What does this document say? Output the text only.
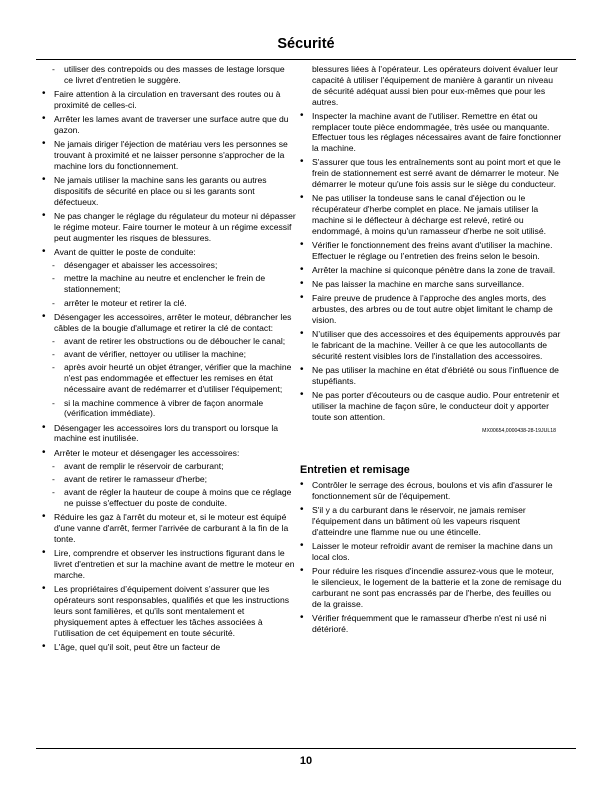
Sécurité
- utiliser des contrepoids ou des masses de lestage lorsque ce livret d'entretien le suggère.
• Faire attention à la circulation en traversant des routes ou à proximité de celles-ci.
• Arrêter les lames avant de traverser une surface autre que du gazon.
• Ne jamais diriger l'éjection de matériau vers les personnes se trouvant à proximité et ne laisser personne s'approcher de la machine lors du fonctionnement.
• Ne jamais utiliser la machine sans les garants ou autres dispositifs de sécurité en place ou si les garants sont défectueux.
• Ne pas changer le réglage du régulateur du moteur ni dépasser le régime moteur. Faire tourner le moteur à un régime excessif peut augmenter les risques de blessures.
• Avant de quitter le poste de conduite:
- désengager et abaisser les accessoires;
- mettre la machine au neutre et enclencher le frein de stationnement;
- arrêter le moteur et retirer la clé.
• Désengager les accessoires, arrêter le moteur, débrancher les câbles de la bougie d'allumage et retirer la clé de contact:
- avant de retirer les obstructions ou de déboucher le canal;
- avant de vérifier, nettoyer ou utiliser la machine;
- après avoir heurté un objet étranger, vérifier que la machine n'est pas endommagée et effectuer les remises en état nécessaire avant de redémarrer et d'utiliser l'équipement;
- si la machine commence à vibrer de façon anormale (vérification immédiate).
• Désengager les accessoires lors du transport ou lorsque la machine est inutilisée.
• Arrêter le moteur et désengager les accessoires:
- avant de remplir le réservoir de carburant;
- avant de retirer le ramasseur d'herbe;
- avant de régler la hauteur de coupe à moins que ce réglage ne puisse s'effectuer du poste de conduite.
• Réduire les gaz à l'arrêt du moteur et, si le moteur est équipé d'une vanne d'arrêt, fermer l'arrivée de carburant à la fin de la tonte.
• Lire, comprendre et observer les instructions figurant dans le livret d'entretien et sur la machine avant de mettre le moteur en marche.
• Les propriétaires d’équipement doivent s’assurer que les opérateurs sont responsables, qualifiés et que les instructions leurs sont familières, et qu'ils sont mentalement et physiquement aptes à effectuer les tâches associées à l’utilisation de cet équipement en toute sécurité.
• L'âge, quel qu'il soit, peut être un facteur de

blessures liées à l’opérateur. Les opérateurs doivent évaluer leur capacité à utiliser l'équipement de manière à garantir un niveau de sécurité adéquat aussi bien pour eux-mêmes que pour les autres.

• Inspecter la machine avant de l'utiliser. Remettre en état ou remplacer toute pièce endommagée, très usée ou manquante. Effectuer tous les réglages nécessaires avant de faire fonctionner la machine.
• S'assurer que tous les entraînements sont au point mort et que le frein de stationnement est serré avant de démarrer le moteur. Ne démarrer le moteur qu'une fois assis sur le siège du conducteur.
• Ne pas utiliser la tondeuse sans le canal d'éjection ou le récupérateur d'herbe complet en place. Ne jamais utiliser la machine si le déflecteur à décharge est relevé, retiré ou endommagé, à moins qu'un ramasseur d'herbe ne soit utilisé.
• Vérifier le fonctionnement des freins avant d'utiliser la machine. Effectuer le réglage ou l’entretien des freins selon le besoin.
• Arrêter la machine si quiconque pénètre dans la zone de travail.
• Ne pas laisser la machine en marche sans surveillance.
• Faire preuve de prudence à l’approche des angles morts, des arbustes, des arbres ou de tout autre objet limitant le champ de vision.
• N’utiliser que des accessoires et des équipements approuvés par le fabricant de la machine. Veiller à ce que les autocollants de sécurité restent visibles lors de l'installation des accessoires.
• Ne pas utiliser la machine en état d'ébriété ou sous l'influence de stupéfiants.
• Ne pas porter d'écouteurs ou de casque audio. Pour entretenir et utiliser la machine de façon sûre, le conducteur doit y apporter toute son attention.
MX00654,0000438-28-19JUL18
Entretien et remisage
• Contrôler le serrage des écrous, boulons et vis afin d'assurer le fonctionnement sûr de l'équipement.
• S'il y a du carburant dans le réservoir, ne jamais remiser l'équipement dans un bâtiment où les vapeurs risquent d'atteindre une flamme nue ou une étincelle.
• Laisser le moteur refroidir avant de remiser la machine dans un local clos.
• Pour réduire les risques d'incendie assurez-vous que le moteur, le silencieux, le logement de la batterie et la zone de remisage du carburant ne sont pas encrassés par de l'herbe, des feuilles ou de la graisse.
• Vérifier fréquemment que le ramasseur d'herbe n'est ni usé ni détérioré.
10
